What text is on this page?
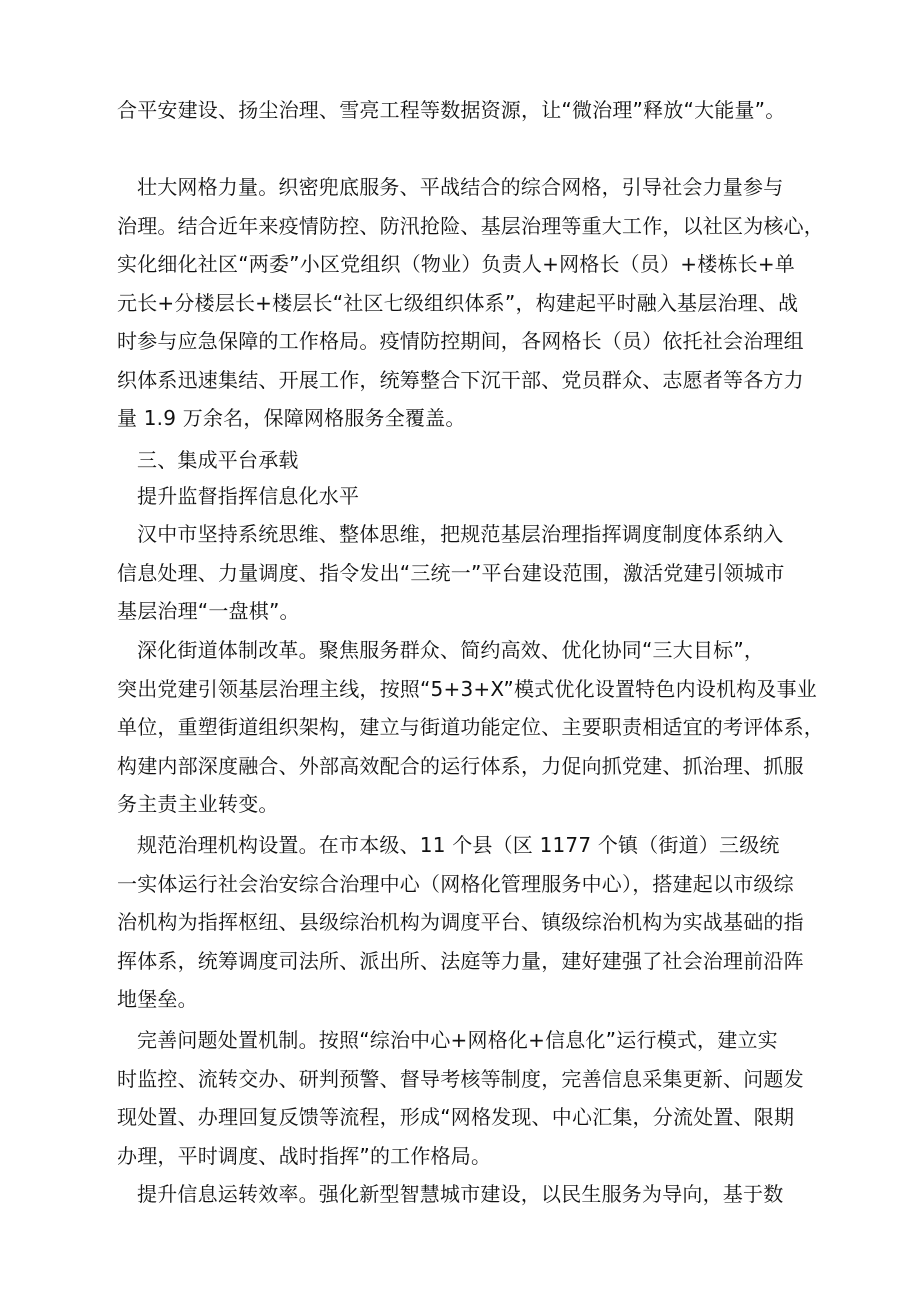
合平安建设、扬尘治理、雪亮工程等数据资源，让“微治理”释放“大能量”。
壮大网格力量。织密兜底服务、平战结合的综合网格，引导社会力量参与
治理。结合近年来疫情防控、防汛抢险、基层治理等重大工作，以社区为核心，
实化细化社区“两委”小区党组织（物业）负责人+网格长（员）+楼栋长+单
元长+分楼层长+楼层长“社区七级组织体系”，构建起平时融入基层治理、战
时参与应急保障的工作格局。疫情防控期间，各网格长（员）依托社会治理组
织体系迅速集结、开展工作，统筹整合下沉干部、党员群众、志愿者等各方力
量 1.9 万余名，保障网格服务全覆盖。
三、集成平台承载
提升监督指挥信息化水平
汉中市坚持系统思维、整体思维，把规范基层治理指挥调度制度体系纳入
信息处理、力量调度、指令发出“三统一”平台建设范围，激活党建引领城市
基层治理“一盘棋”。
深化街道体制改革。聚焦服务群众、简约高效、优化协同“三大目标”，
突出党建引领基层治理主线，按照“5+3+X”模式优化设置特色内设机构及事业
单位，重塑街道组织架构，建立与街道功能定位、主要职责相适宜的考评体系，
构建内部深度融合、外部高效配合的运行体系，力促向抓党建、抓治理、抓服
务主责主业转变。
规范治理机构设置。在市本级、11 个县（区 1177 个镇（街道）三级统
一实体运行社会治安综合治理中心（网格化管理服务中心），搭建起以市级综
治机构为指挥枢纽、县级综治机构为调度平台、镇级综治机构为实战基础的指
挥体系，统筹调度司法所、派出所、法庭等力量，建好建强了社会治理前沿阵
地堡垒。
完善问题处置机制。按照“综治中心+网格化+信息化”运行模式，建立实
时监控、流转交办、研判预警、督导考核等制度，完善信息采集更新、问题发
现处置、办理回复反馈等流程，形成“网格发现、中心汇集，分流处置、限期
办理，平时调度、战时指挥”的工作格局。
提升信息运转效率。强化新型智慧城市建设，以民生服务为导向，基于数
